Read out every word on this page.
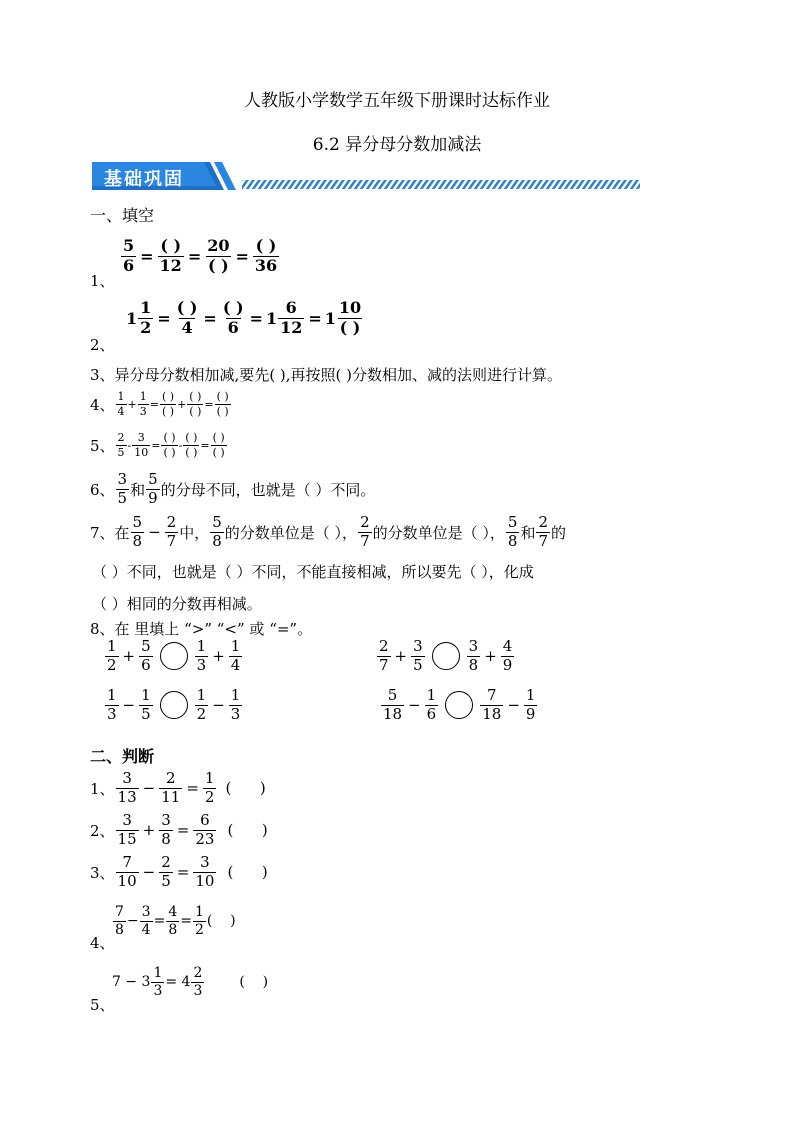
人教版小学数学五年级下册课时达标作业
6.2 异分母分数加减法
基础巩固
一、填空
1、
$\frac{5}{6} = \frac{( )}{12} = \frac{20}{( )} = \frac{( )}{36}$
2、
$1 \frac{1}{2} = \frac{( )}{4} = \frac{( )}{6} = 1 \frac{6}{12} = 1 \frac{10}{( )}$
3、异分母分数相加减,要先( ),再按照( )分数相加、减的法则进行计算。
4、 $\frac{1}{4} + \frac{1}{3} = \frac{( )}{( )} + \frac{( )}{( )} = \frac{( )}{( )}$
5、 $\frac{2}{5} - \frac{3}{10} = \frac{( )}{( )} - \frac{( )}{( )} = \frac{( )}{( )}$
6、 $\frac{3}{5}$ 和 $\frac{5}{9}$ 的分母不同，也就是（ ）不同。
7、在 $\frac{5}{8} - \frac{2}{7}$ 中， $\frac{5}{8}$ 的分数单位是（ ）， $\frac{2}{7}$ 的分数单位是（ ）， $\frac{5}{8}$ 和 $\frac{2}{7}$ 的
（ ）不同，也就是（ ）不同，不能直接相减，所以要先（ ），化成
（ ）相同的分数再相减。
8、在 里填上 “>” “<” 或 “=”。
$\frac{1}{2} + \frac{5}{6}$	$\frac{1}{3} + \frac{1}{4}$	$\frac{2}{7} + \frac{3}{5}$	$\frac{3}{8} + \frac{4}{9}$
$\frac{1}{3} - \frac{1}{5}$	$\frac{1}{2} - \frac{1}{3}$	$\frac{5}{18} - \frac{1}{6}$	$\frac{7}{18} - \frac{1}{9}$
二、判断
1、 $\frac{3}{13} - \frac{2}{11} = \frac{1}{2}$ (      )
2、 $\frac{3}{15} + \frac{3}{8} = \frac{6}{23}$ (      )
3、 $\frac{7}{10} - \frac{2}{5} = \frac{3}{10}$ (      )
4、
$\frac{7}{8} - \frac{3}{4} = \frac{4}{8} = \frac{1}{2}$ (    )
5、
$7 - 3 \frac{1}{3} = 4 \frac{2}{3}$	(    )
